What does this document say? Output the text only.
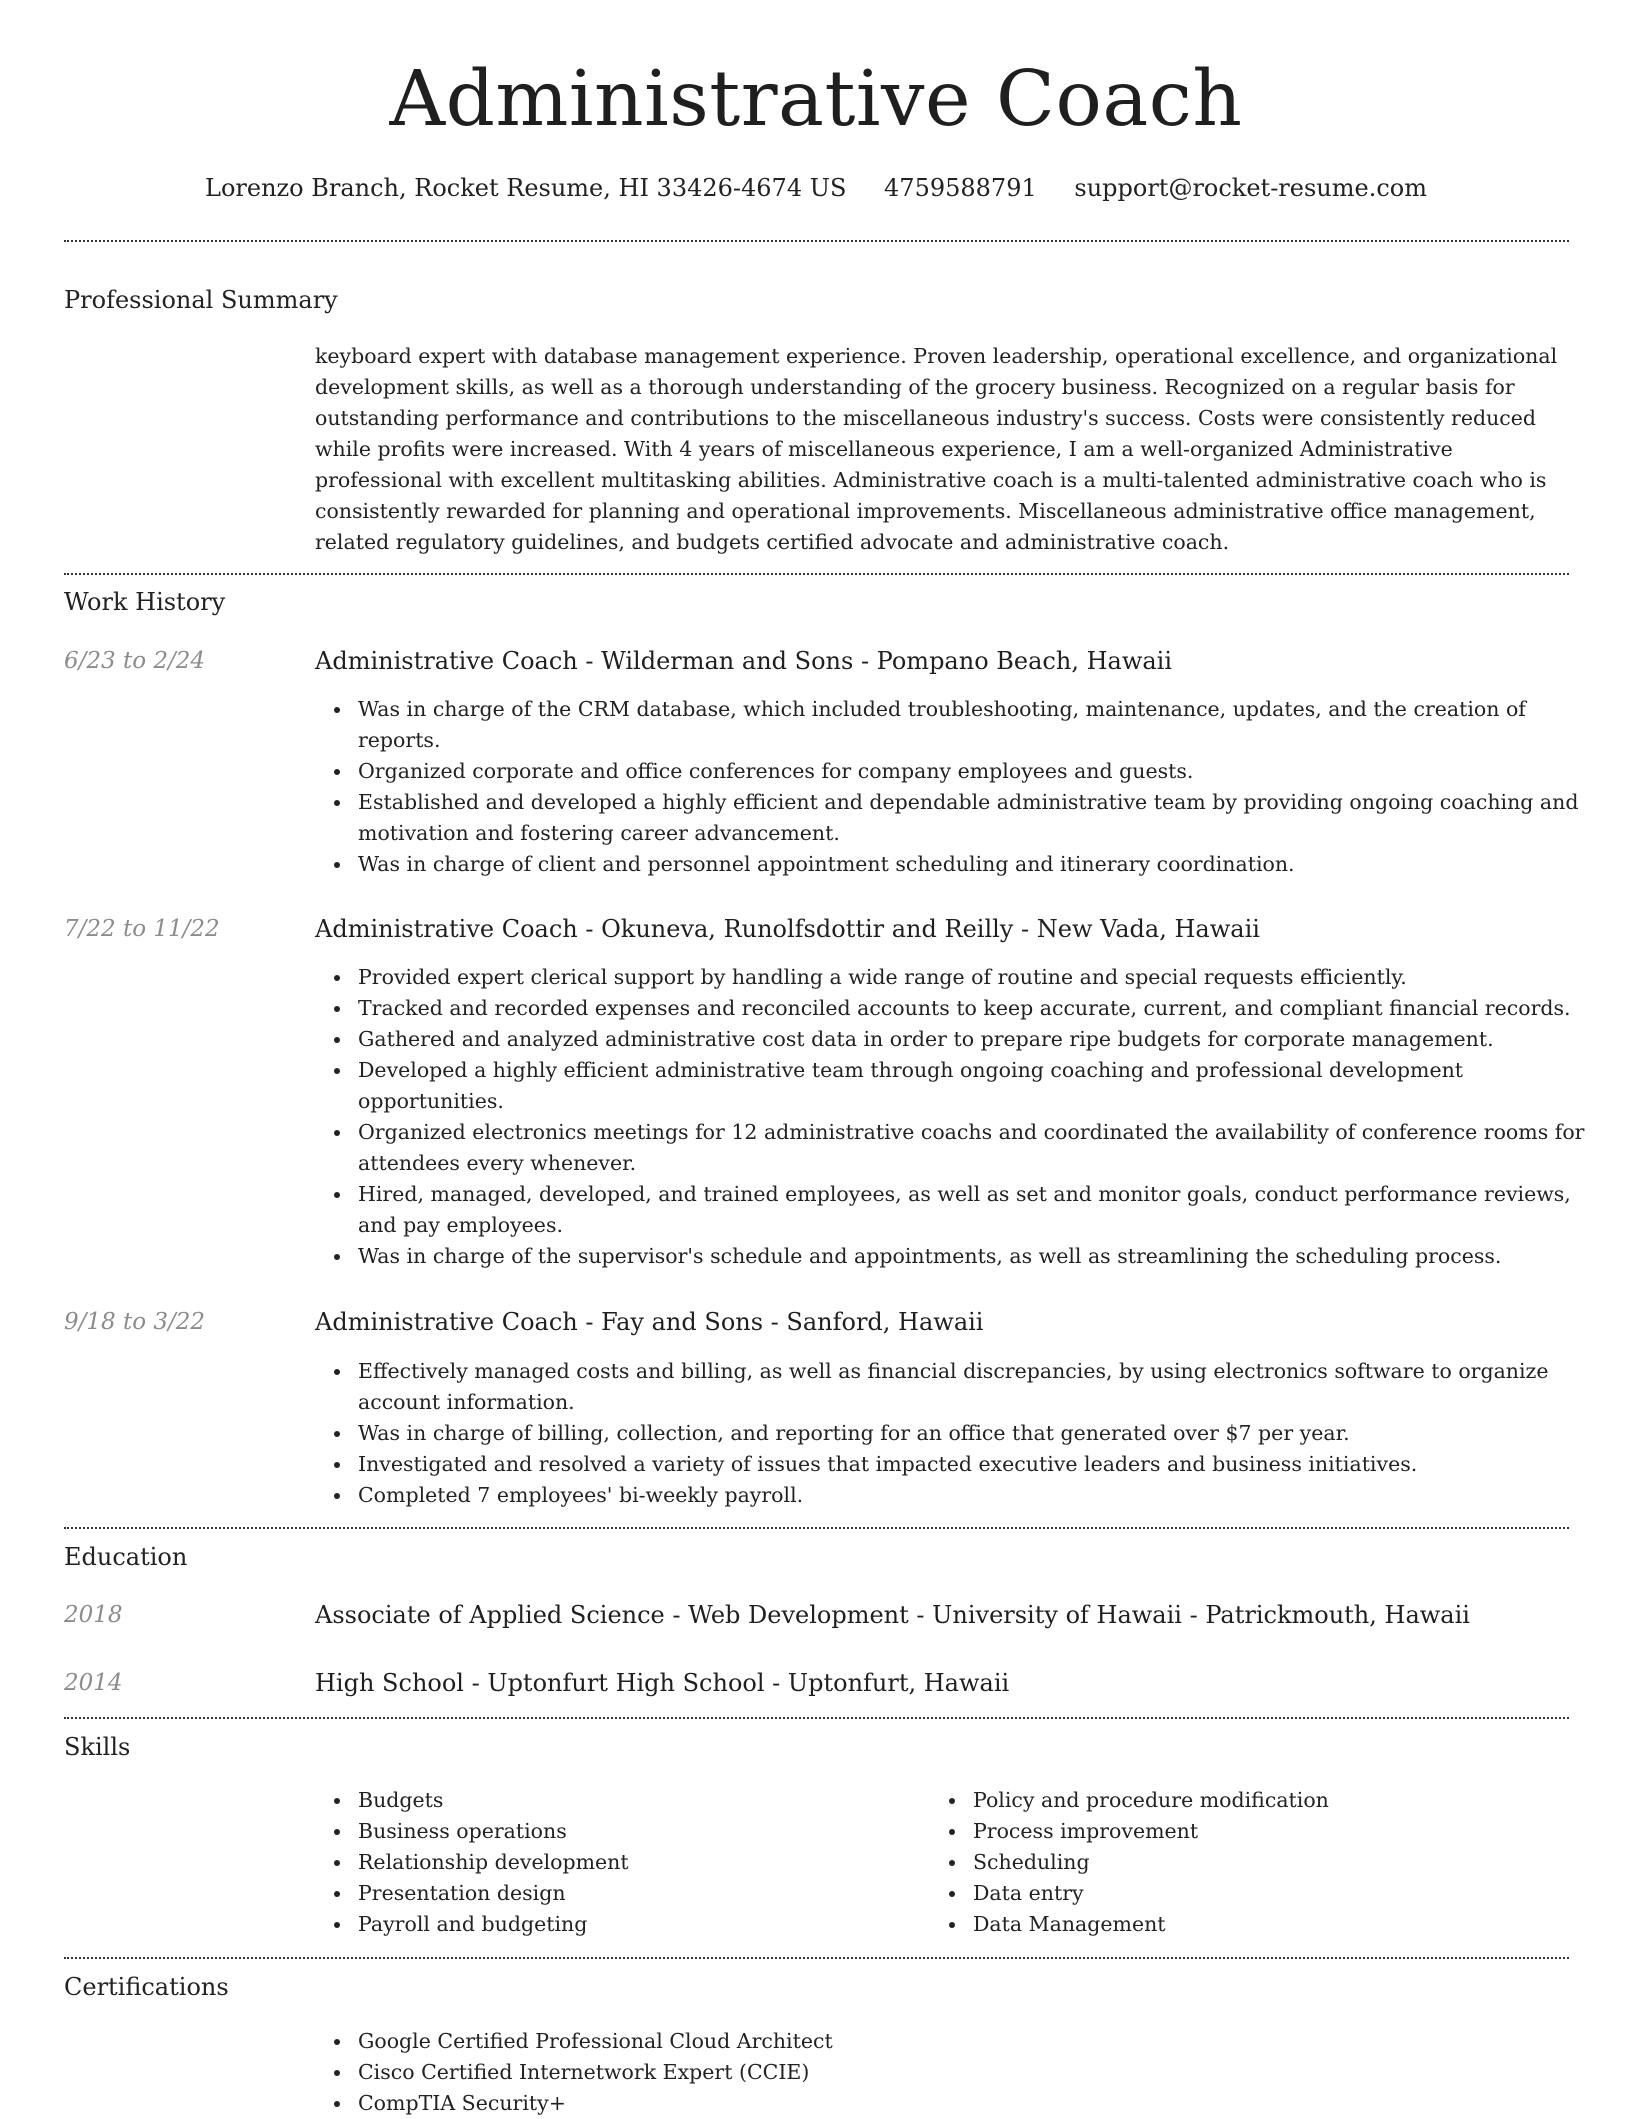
Administrative Coach
Lorenzo Branch, Rocket Resume, HI 33426-4674 US 4759588791 support@rocket-resume.com
Professional Summary
keyboard expert with database management experience. Proven leadership, operational excellence, and organizational development skills, as well as a thorough understanding of the grocery business. Recognized on a regular basis for outstanding performance and contributions to the miscellaneous industry's success. Costs were consistently reduced while profits were increased. With 4 years of miscellaneous experience, I am a well-organized Administrative professional with excellent multitasking abilities. Administrative coach is a multi-talented administrative coach who is consistently rewarded for planning and operational improvements. Miscellaneous administrative office management, related regulatory guidelines, and budgets certified advocate and administrative coach.
Work History
6/23 to 2/24	Administrative Coach - Wilderman and Sons - Pompano Beach, Hawaii
Was in charge of the CRM database, which included troubleshooting, maintenance, updates, and the creation of reports.
Organized corporate and office conferences for company employees and guests.
Established and developed a highly efficient and dependable administrative team by providing ongoing coaching and motivation and fostering career advancement.
Was in charge of client and personnel appointment scheduling and itinerary coordination.
7/22 to 11/22	Administrative Coach - Okuneva, Runolfsdottir and Reilly - New Vada, Hawaii
Provided expert clerical support by handling a wide range of routine and special requests efficiently.
Tracked and recorded expenses and reconciled accounts to keep accurate, current, and compliant financial records.
Gathered and analyzed administrative cost data in order to prepare ripe budgets for corporate management.
Developed a highly efficient administrative team through ongoing coaching and professional development opportunities.
Organized electronics meetings for 12 administrative coachs and coordinated the availability of conference rooms for attendees every whenever.
Hired, managed, developed, and trained employees, as well as set and monitor goals, conduct performance reviews, and pay employees.
Was in charge of the supervisor's schedule and appointments, as well as streamlining the scheduling process.
9/18 to 3/22	Administrative Coach - Fay and Sons - Sanford, Hawaii
Effectively managed costs and billing, as well as financial discrepancies, by using electronics software to organize account information.
Was in charge of billing, collection, and reporting for an office that generated over $7 per year.
Investigated and resolved a variety of issues that impacted executive leaders and business initiatives.
Completed 7 employees' bi-weekly payroll.
Education
2018	Associate of Applied Science - Web Development - University of Hawaii - Patrickmouth, Hawaii
2014	High School - Uptonfurt High School - Uptonfurt, Hawaii
Skills
Budgets
Business operations
Relationship development
Presentation design
Payroll and budgeting
Policy and procedure modification
Process improvement
Scheduling
Data entry
Data Management
Certifications
Google Certified Professional Cloud Architect
Cisco Certified Internetwork Expert (CCIE)
CompTIA Security+
